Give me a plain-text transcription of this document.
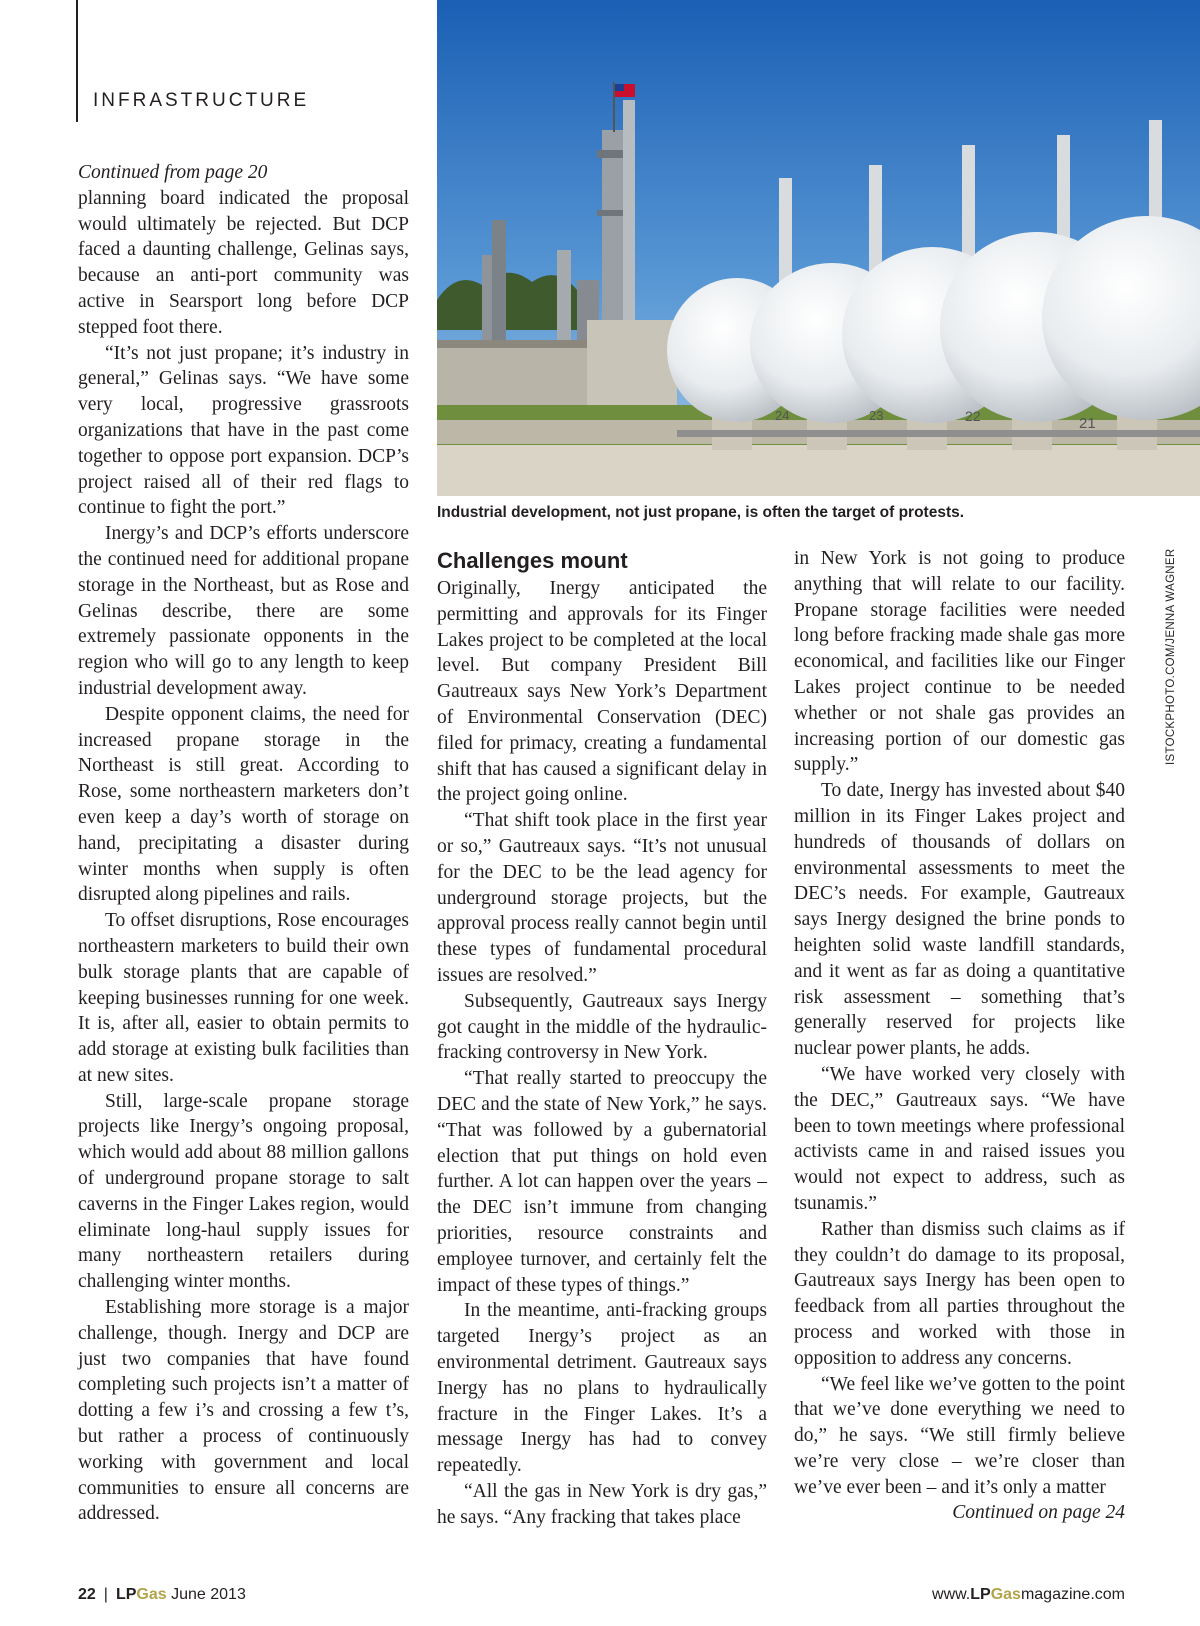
INFRASTRUCTURE
24	23	22	21
Industrial development, not just propane, is often the target of protests.
ISTOCKPHOTO.COM/JENNA WAGNER

Continued from page 20

planning board indicated the proposal would ultimately be rejected. But DCP faced a daunting challenge, Gelinas says, because an anti-port community was active in Searsport long before DCP stepped foot there.

“It’s not just propane; it’s industry in general,” Gelinas says. “We have some very local, progressive grassroots organizations that have in the past come together to oppose port expansion. DCP’s project raised all of their red flags to continue to fight the port.”

Inergy’s and DCP’s efforts underscore the continued need for additional propane storage in the Northeast, but as Rose and Gelinas describe, there are some extremely passionate opponents in the region who will go to any length to keep industrial development away.

Despite opponent claims, the need for increased propane storage in the Northeast is still great. According to Rose, some northeastern marketers don’t even keep a day’s worth of storage on hand, precipitating a disaster during winter months when supply is often disrupted along pipelines and rails.

To offset disruptions, Rose encourages northeastern marketers to build their own bulk storage plants that are capable of keeping businesses running for one week. It is, after all, easier to obtain permits to add storage at existing bulk facilities than at new sites.

Still, large-scale propane storage projects like Inergy’s ongoing proposal, which would add about 88 million gallons of underground propane storage to salt caverns in the Finger Lakes region, would eliminate long-haul supply issues for many northeastern retailers during challenging winter months.

Establishing more storage is a major challenge, though. Inergy and DCP are just two companies that have found completing such projects isn’t a matter of dotting a few i’s and crossing a few t’s, but rather a process of continuously working with government and local communities to ensure all concerns are addressed.

Challenges mount

Originally, Inergy anticipated the permitting and approvals for its Finger Lakes project to be completed at the local level. But company President Bill Gautreaux says New York’s Department of Environmental Conservation (DEC) filed for primacy, creating a fundamental shift that has caused a significant delay in the project going online.

“That shift took place in the first year or so,” Gautreaux says. “It’s not unusual for the DEC to be the lead agency for underground storage projects, but the approval process really cannot begin until these types of fundamental procedural issues are resolved.”

Subsequently, Gautreaux says Inergy got caught in the middle of the hydraulic-fracking controversy in New York.

“That really started to preoccupy the DEC and the state of New York,” he says. “That was followed by a gubernatorial election that put things on hold even further. A lot can happen over the years – the DEC isn’t immune from changing priorities, resource constraints and employee turnover, and certainly felt the impact of these types of things.”

In the meantime, anti-fracking groups targeted Inergy’s project as an environmental detriment. Gautreaux says Inergy has no plans to hydraulically fracture in the Finger Lakes. It’s a message Inergy has had to convey repeatedly.

“All the gas in New York is dry gas,” he says. “Any fracking that takes place

in New York is not going to produce anything that will relate to our facility. Propane storage facilities were needed long before fracking made shale gas more economical, and facilities like our Finger Lakes project continue to be needed whether or not shale gas provides an increasing portion of our domestic gas supply.”

To date, Inergy has invested about $40 million in its Finger Lakes project and hundreds of thousands of dollars on environmental assessments to meet the DEC’s needs. For example, Gautreaux says Inergy designed the brine ponds to heighten solid waste landfill standards, and it went as far as doing a quantitative risk assessment – something that’s generally reserved for projects like nuclear power plants, he adds.

“We have worked very closely with the DEC,” Gautreaux says. “We have been to town meetings where professional activists came in and raised issues you would not expect to address, such as tsunamis.”

Rather than dismiss such claims as if they couldn’t do damage to its proposal, Gautreaux says Inergy has been open to feedback from all parties throughout the process and worked with those in opposition to address any concerns.

“We feel like we’ve gotten to the point that we’ve done everything we need to do,” he says. “We still firmly believe we’re very close – we’re closer than we’ve ever been – and it’s only a matter

Continued on page 24

22 | LPGas June 2013	www.LPGasmagazine.com
